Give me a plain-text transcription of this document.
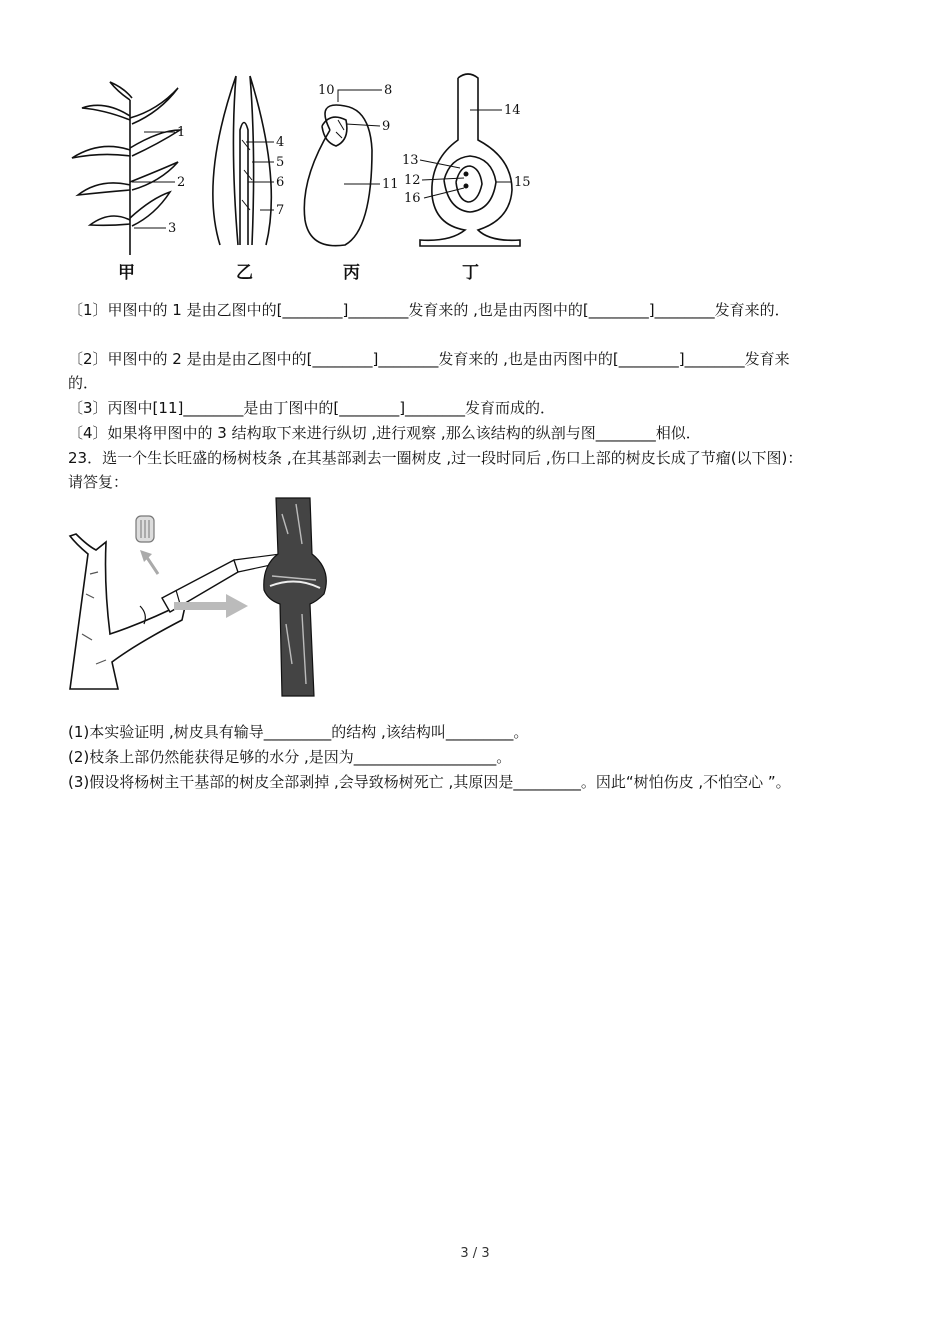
1
2
3
4
5
6
7
10	8
9
11
14
13
12	15
16
甲	乙	丙	丁
〔1〕甲图中的 1 是由乙图中的[________]________发育来的 ,也是由丙图中的[________]________发育来的．
〔2〕甲图中的 2 是由是由乙图中的[________]________发育来的 ,也是由丙图中的[________]________发育来
的．
〔3〕丙图中[11]________是由丁图中的[________]________发育而成的．
〔4〕如果将甲图中的 3 结构取下来进行纵切 ,进行观察 ,那么该结构的纵剖与图________相似．
23．选一个生长旺盛的杨树枝条 ,在其基部剥去一圈树皮 ,过一段时同后 ,伤口上部的树皮长成了节瘤(以下图)：
请答复：
(1)本实验证明 ,树皮具有输导_________的结构 ,该结构叫_________。
(2)枝条上部仍然能获得足够的水分 ,是因为___________________。
(3)假设将杨树主干基部的树皮全部剥掉 ,会导致杨树死亡 ,其原因是_________。因此“树怕伤皮 ,不怕空心 ”。
3 / 3
